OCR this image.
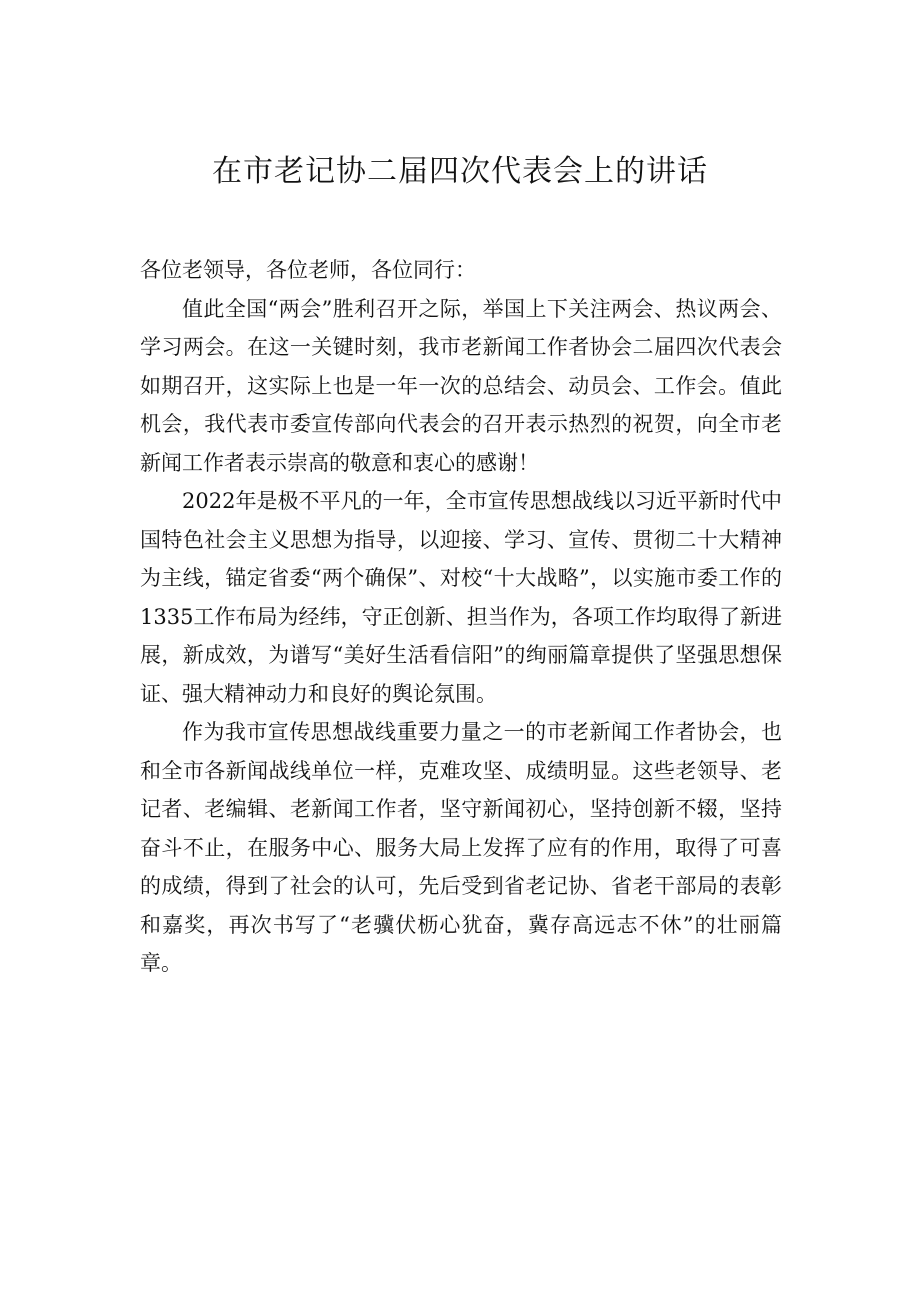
在市老记协二届四次代表会上的讲话

各位老领导，各位老师，各位同行：

值此全国“两会”胜利召开之际，举国上下关注两会、热议两会、学习两会。在这一关键时刻，我市老新闻工作者协会二届四次代表会如期召开，这实际上也是一年一次的总结会、动员会、工作会。值此机会，我代表市委宣传部向代表会的召开表示热烈的祝贺，向全市老新闻工作者表示崇高的敬意和衷心的感谢！

2022年是极不平凡的一年，全市宣传思想战线以习近平新时代中国特色社会主义思想为指导，以迎接、学习、宣传、贯彻二十大精神为主线，锚定省委“两个确保”、对校“十大战略”，以实施市委工作的1335工作布局为经纬，守正创新、担当作为，各项工作均取得了新进展，新成效，为谱写“美好生活看信阳”的绚丽篇章提供了坚强思想保证、强大精神动力和良好的舆论氛围。

作为我市宣传思想战线重要力量之一的市老新闻工作者协会，也和全市各新闻战线单位一样，克难攻坚、成绩明显。这些老领导、老记者、老编辑、老新闻工作者，坚守新闻初心，坚持创新不辍，坚持奋斗不止，在服务中心、服务大局上发挥了应有的作用，取得了可喜的成绩，得到了社会的认可，先后受到省老记协、省老干部局的表彰和嘉奖，再次书写了“老骥伏枥心犹奋，冀存高远志不休”的壮丽篇章。
